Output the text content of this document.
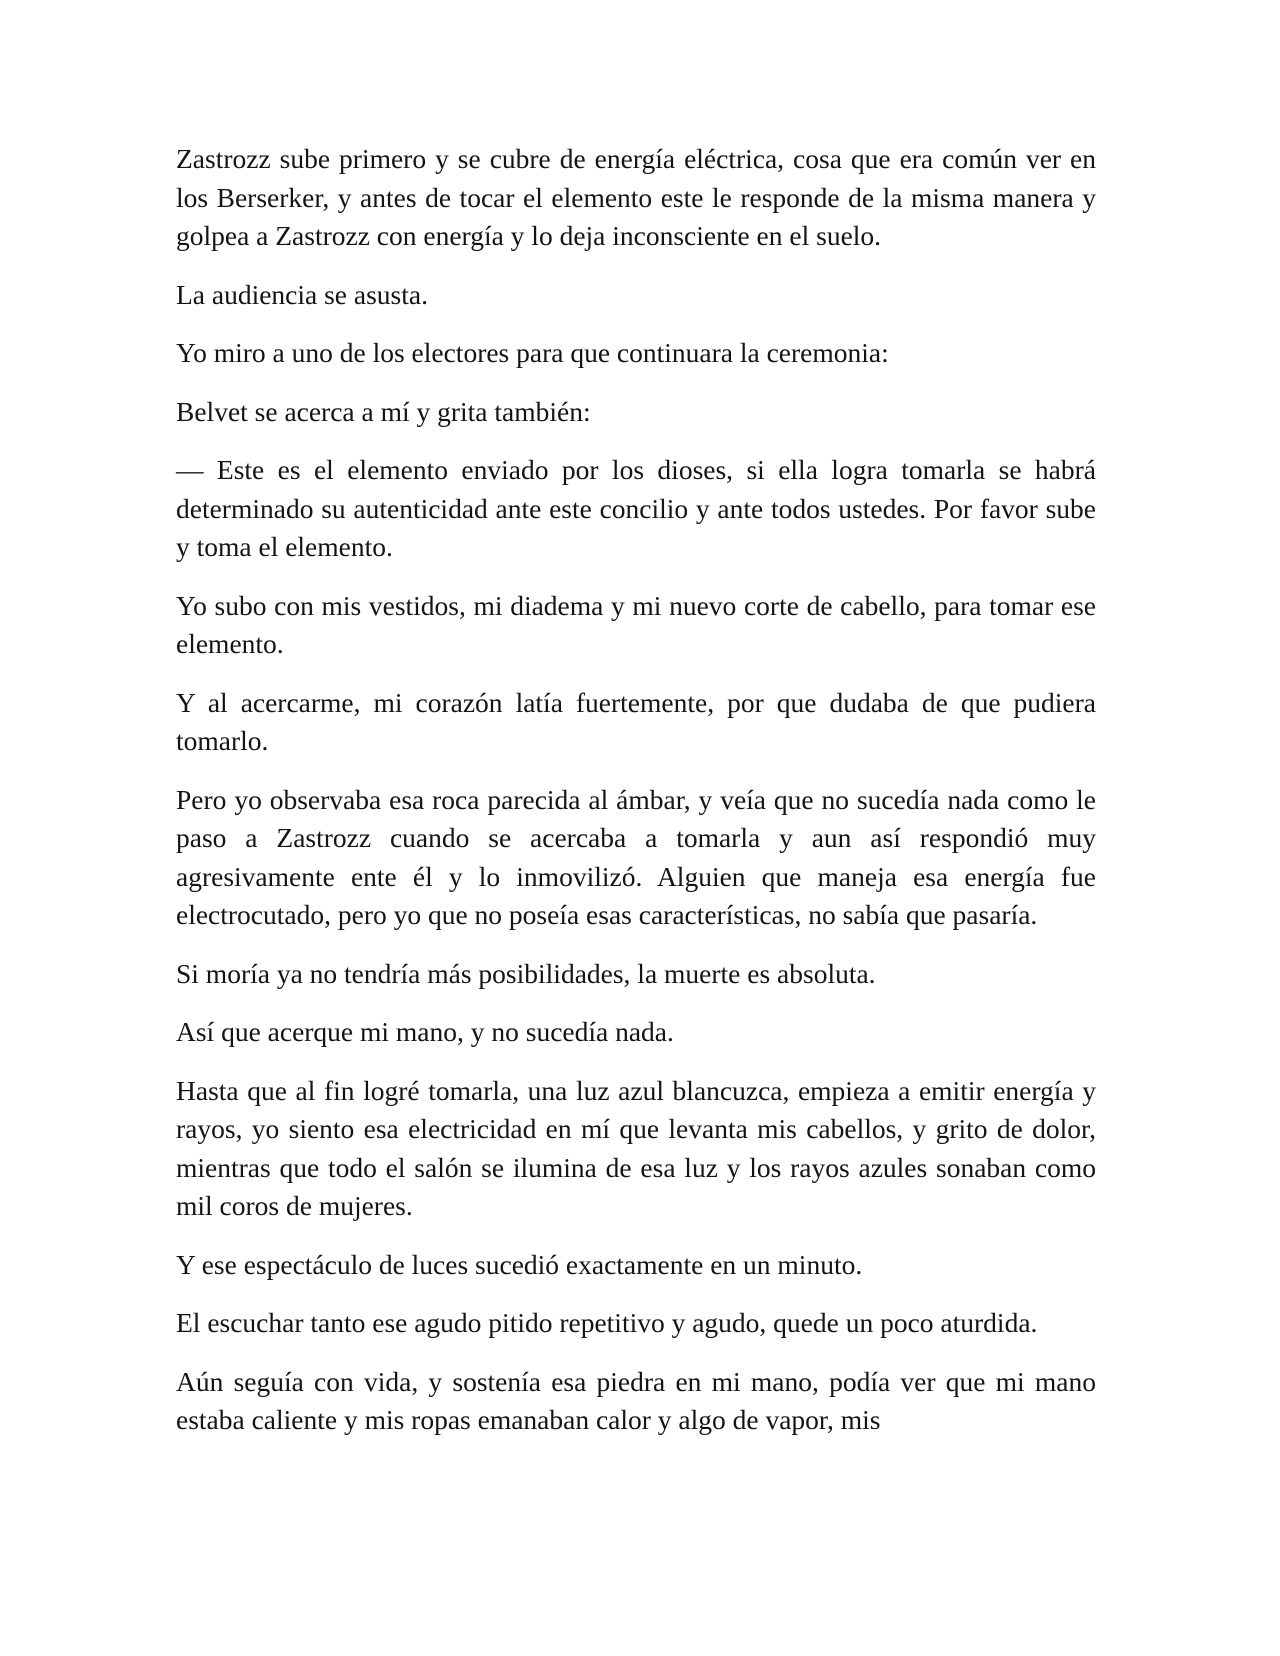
Zastrozz sube primero y se cubre de energía eléctrica, cosa que era común ver en los Berserker, y antes de tocar el elemento este le responde de la misma manera y golpea a Zastrozz con energía y lo deja inconsciente en el suelo.

La audiencia se asusta.

Yo miro a uno de los electores para que continuara la ceremonia:

Belvet se acerca a mí y grita también:

— Este es el elemento enviado por los dioses, si ella logra tomarla se habrá determinado su autenticidad ante este concilio y ante todos ustedes. Por favor sube y toma el elemento.

Yo subo con mis vestidos, mi diadema y mi nuevo corte de cabello, para tomar ese elemento.

Y al acercarme, mi corazón latía fuertemente, por que dudaba de que pudiera tomarlo.

Pero yo observaba esa roca parecida al ámbar, y veía que no sucedía nada como le paso a Zastrozz cuando se acercaba a tomarla y aun así respondió muy agresivamente ente él y lo inmovilizó. Alguien que maneja esa energía fue electrocutado, pero yo que no poseía esas características, no sabía que pasaría.

Si moría ya no tendría más posibilidades, la muerte es absoluta.

Así que acerque mi mano, y no sucedía nada.

Hasta que al fin logré tomarla, una luz azul blancuzca, empieza a emitir energía y rayos, yo siento esa electricidad en mí que levanta mis cabellos, y grito de dolor, mientras que todo el salón se ilumina de esa luz y los rayos azules sonaban como mil coros de mujeres.

Y ese espectáculo de luces sucedió exactamente en un minuto.

El escuchar tanto ese agudo pitido repetitivo y agudo, quede un poco aturdida.

Aún seguía con vida, y sostenía esa piedra en mi mano, podía ver que mi mano estaba caliente y mis ropas emanaban calor y algo de vapor, mis
